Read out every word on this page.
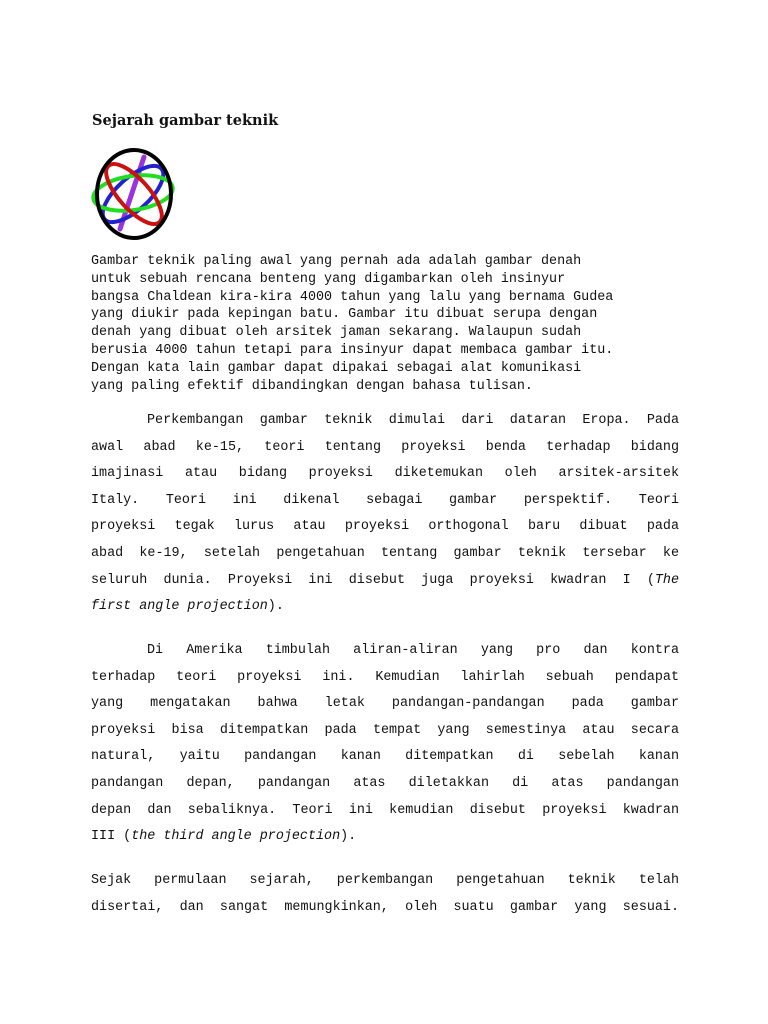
Sejarah gambar teknik
Gambar teknik paling awal yang pernah ada adalah gambar denah
untuk sebuah rencana benteng yang digambarkan oleh insinyur
bangsa Chaldean kira-kira 4000 tahun yang lalu yang bernama Gudea
yang diukir pada kepingan batu. Gambar itu dibuat serupa dengan
denah yang dibuat oleh arsitek jaman sekarang. Walaupun sudah
berusia 4000 tahun tetapi para insinyur dapat membaca gambar itu.
Dengan kata lain gambar dapat dipakai sebagai alat komunikasi
yang paling efektif dibandingkan dengan bahasa tulisan.
Perkembangan gambar teknik dimulai dari dataran Eropa. Pada
awal abad ke-15, teori tentang proyeksi benda terhadap bidang
imajinasi atau bidang proyeksi diketemukan oleh arsitek-arsitek
Italy. Teori ini dikenal sebagai gambar perspektif. Teori
proyeksi tegak lurus atau proyeksi orthogonal baru dibuat pada
abad ke-19, setelah pengetahuan tentang gambar teknik tersebar ke
seluruh dunia. Proyeksi ini disebut juga proyeksi kwadran I (The
first angle projection).
Di Amerika timbulah aliran-aliran yang pro dan kontra
terhadap teori proyeksi ini. Kemudian lahirlah sebuah pendapat
yang mengatakan bahwa letak pandangan-pandangan pada gambar
proyeksi bisa ditempatkan pada tempat yang semestinya atau secara
natural, yaitu pandangan kanan ditempatkan di sebelah kanan
pandangan depan, pandangan atas diletakkan di atas pandangan
depan dan sebaliknya. Teori ini kemudian disebut proyeksi kwadran
III (the third angle projection).
Sejak permulaan sejarah, perkembangan pengetahuan teknik telah
disertai, dan sangat memungkinkan, oleh suatu gambar yang sesuai.
